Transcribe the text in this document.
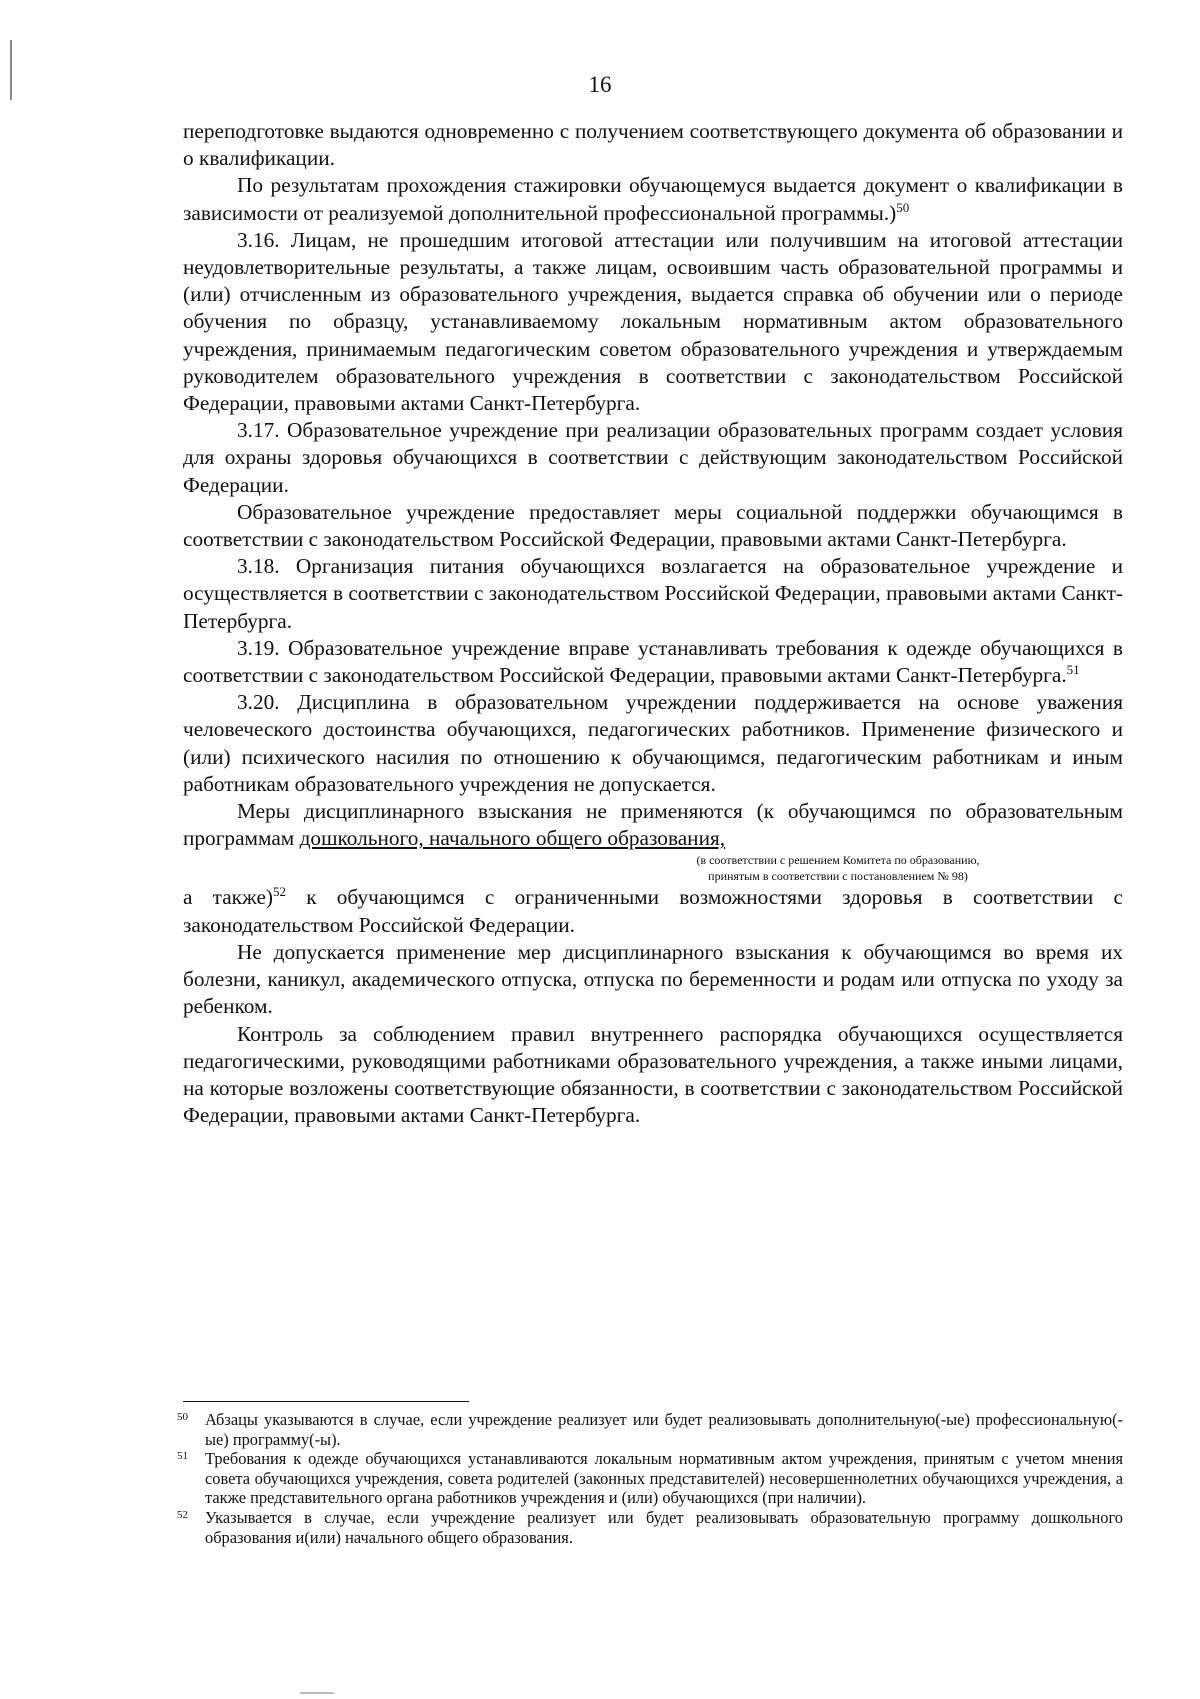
16

переподготовке выдаются одновременно с получением соответствующего документа об образовании и о квалификации.

По результатам прохождения стажировки обучающемуся выдается документ о квалификации в зависимости от реализуемой дополнительной профессиональной программы.)$^{50}$

3.16. Лицам, не прошедшим итоговой аттестации или получившим на итоговой аттестации неудовлетворительные результаты, а также лицам, освоившим часть образовательной программы и (или) отчисленным из образовательного учреждения, выдается справка об обучении или о периоде обучения по образцу, устанавливаемому локальным нормативным актом образовательного учреждения, принимаемым педагогическим советом образовательного учреждения и утверждаемым руководителем образовательного учреждения в соответствии с законодательством Российской Федерации, правовыми актами Санкт-Петербурга.

3.17. Образовательное учреждение при реализации образовательных программ создает условия для охраны здоровья обучающихся в соответствии с действующим законодательством Российской Федерации.

Образовательное учреждение предоставляет меры социальной поддержки обучающимся в соответствии с законодательством Российской Федерации, правовыми актами Санкт-Петербурга.

3.18. Организация питания обучающихся возлагается на образовательное учреждение и осуществляется в соответствии с законодательством Российской Федерации, правовыми актами Санкт-Петербурга.

3.19. Образовательное учреждение вправе устанавливать требования к одежде обучающихся в соответствии с законодательством Российской Федерации, правовыми актами Санкт-Петербурга.$^{51}$

3.20. Дисциплина в образовательном учреждении поддерживается на основе уважения человеческого достоинства обучающихся, педагогических работников. Применение физического и (или) психического насилия по отношению к обучающимся, педагогическим работникам и иным работникам образовательного учреждения не допускается.

Меры дисциплинарного взыскания не применяются (к обучающимся по образовательным программам дошкольного, начального общего образования,

(в соответствии с решением Комитета по образованию,
принятым в соответствии с постановлением № 98)

а также)$^{52}$ к обучающимся с ограниченными возможностями здоровья в соответствии с законодательством Российской Федерации.

Не допускается применение мер дисциплинарного взыскания к обучающимся во время их болезни, каникул, академического отпуска, отпуска по беременности и родам или отпуска по уходу за ребенком.

Контроль за соблюдением правил внутреннего распорядка обучающихся осуществляется педагогическими, руководящими работниками образовательного учреждения, а также иными лицами, на которые возложены соответствующие обязанности, в соответствии с законодательством Российской Федерации, правовыми актами Санкт-Петербурга.

50	Абзацы указываются в случае, если учреждение реализует или будет реализовывать дополнительную(-ые) профессиональную(-ые) программу(-ы).
51	Требования к одежде обучающихся устанавливаются локальным нормативным актом учреждения, принятым с учетом мнения совета обучающихся учреждения, совета родителей (законных представителей) несовершеннолетних обучающихся учреждения, а также представительного органа работников учреждения и (или) обучающихся (при наличии).
52	Указывается в случае, если учреждение реализует или будет реализовывать образовательную программу дошкольного образования и(или) начального общего образования.
